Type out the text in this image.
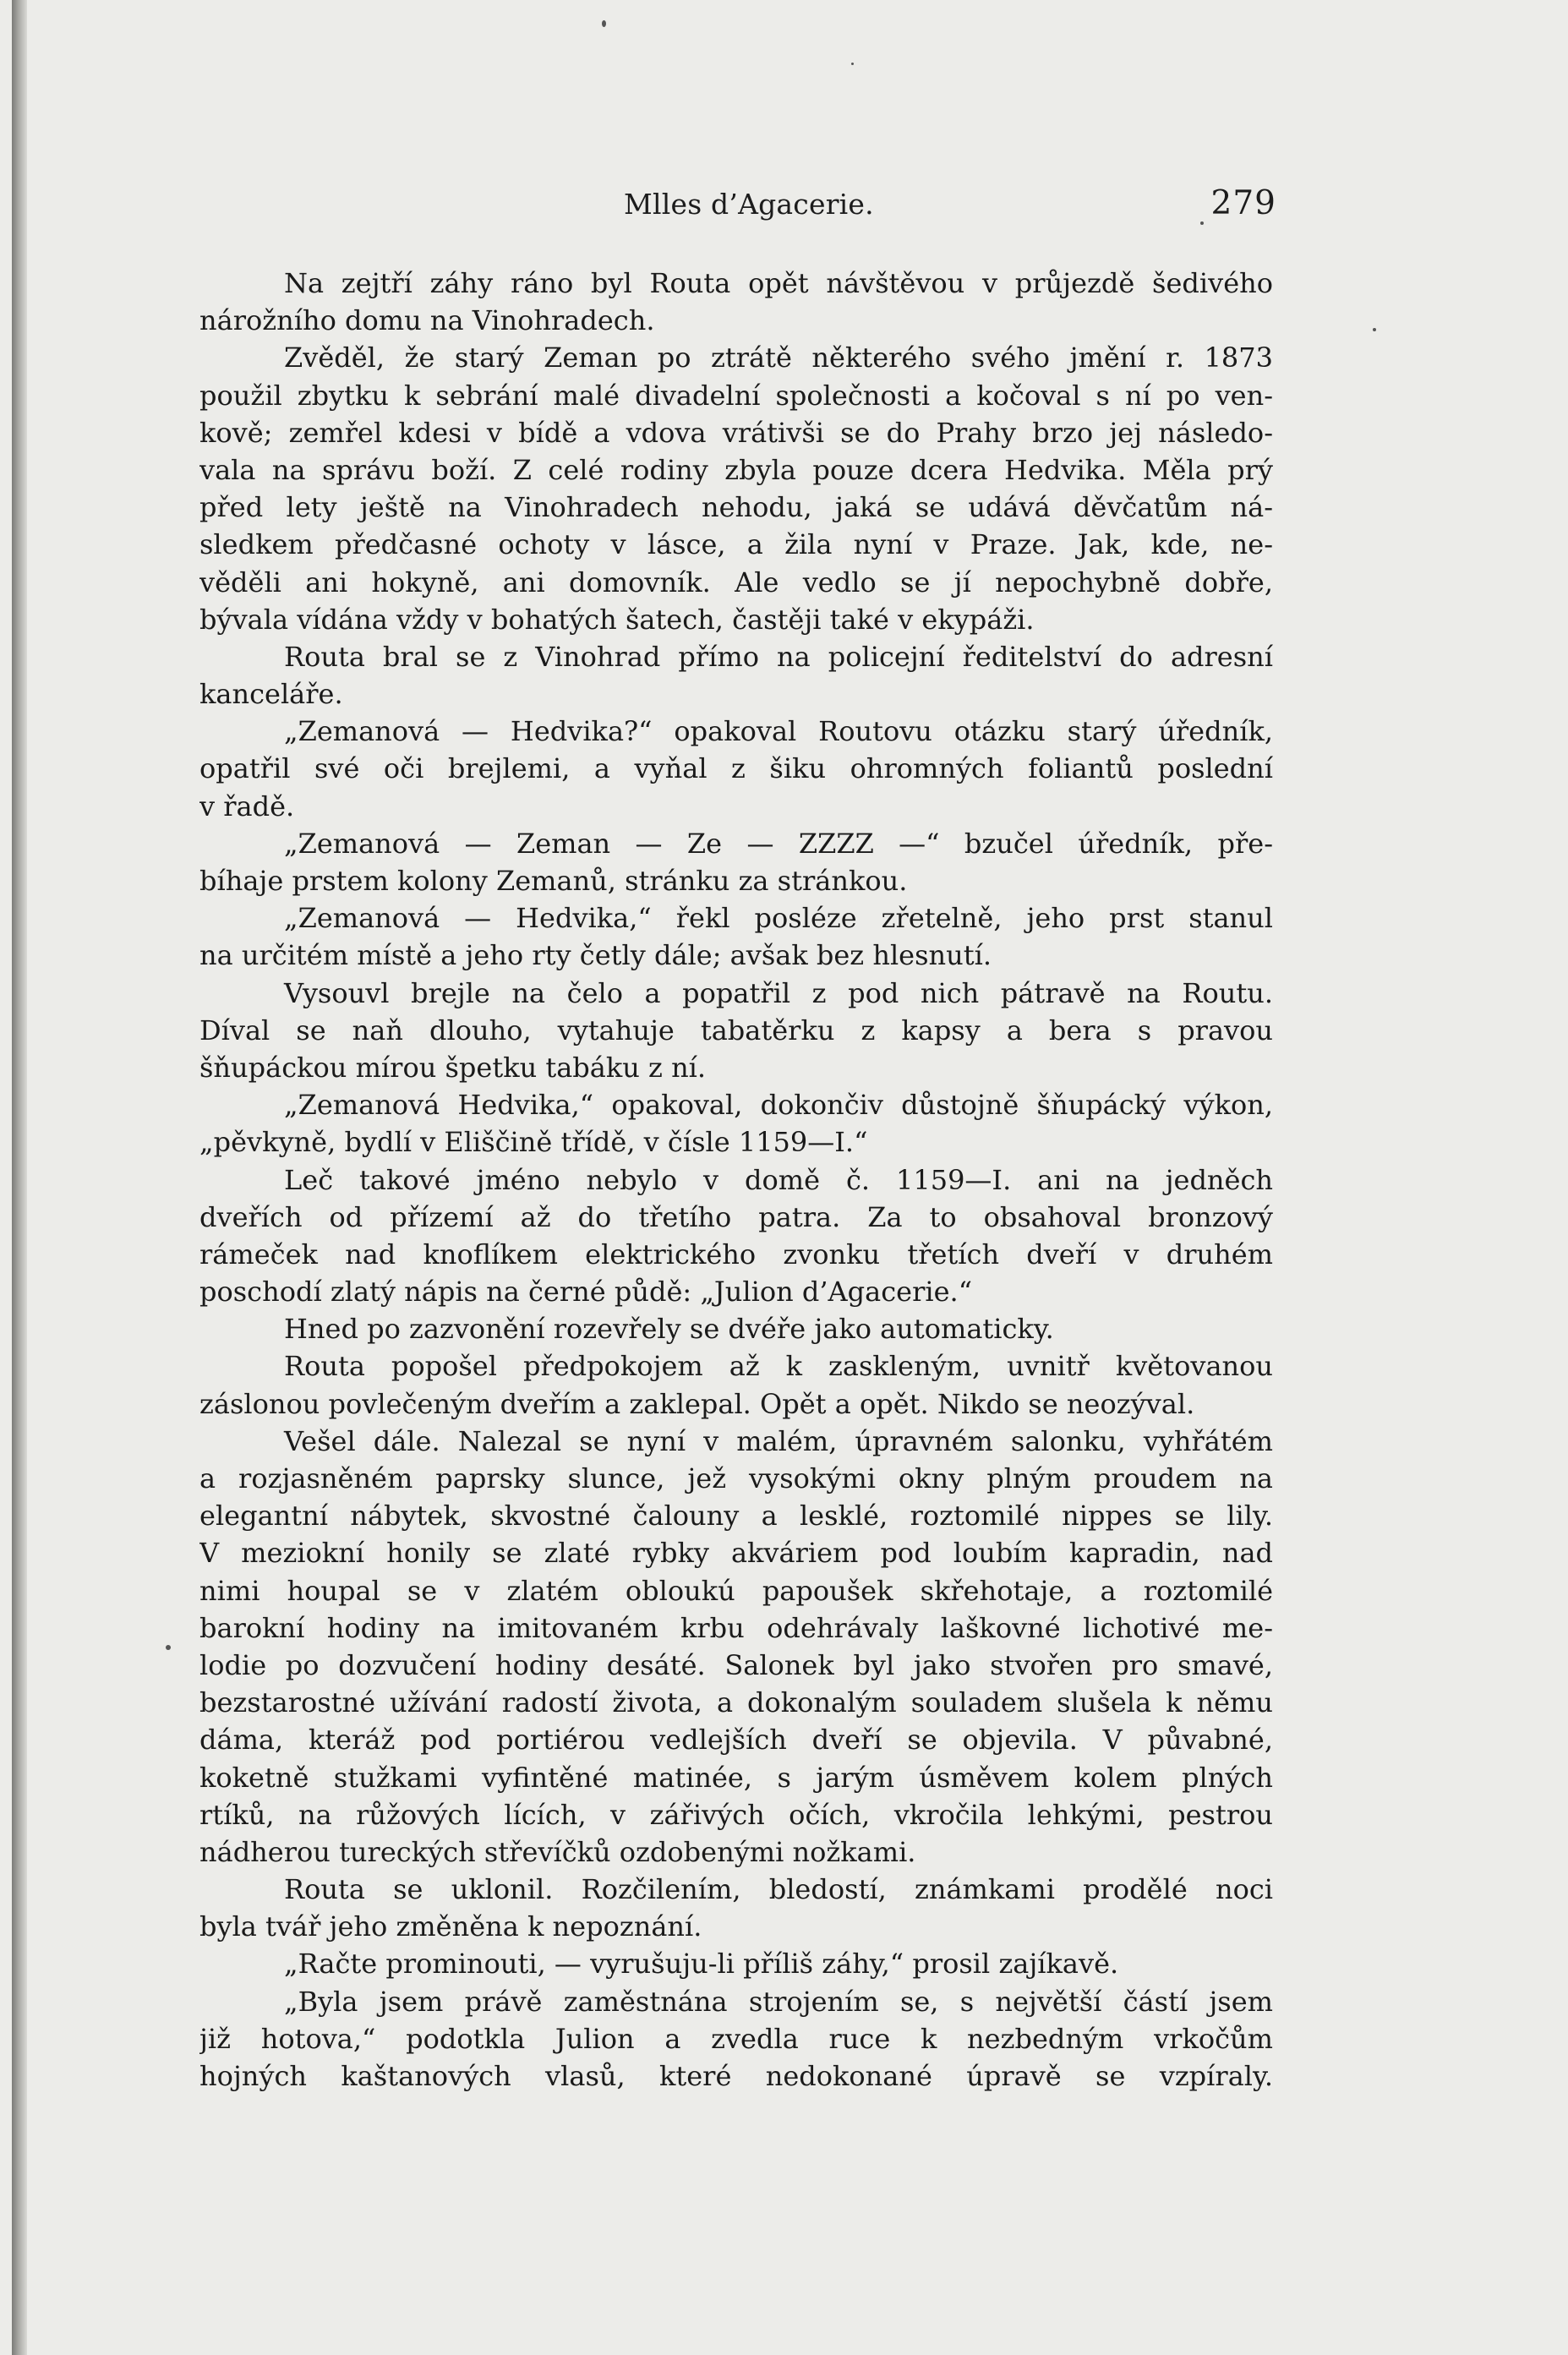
Mlles d’Agacerie.	279
Na zejtří záhy ráno byl Routa opět návštěvou v průjezdě šedivého
nárožního domu na Vinohradech.
Zvěděl, že starý Zeman po ztrátě některého svého jmění r. 1873
použil zbytku k sebrání malé divadelní společnosti a kočoval s ní po ven-
kově; zemřel kdesi v bídě a vdova vrátivši se do Prahy brzo jej následo-
vala na správu boží. Z celé rodiny zbyla pouze dcera Hedvika. Měla prý
před lety ještě na Vinohradech nehodu, jaká se udává děvčatům ná-
sledkem předčasné ochoty v lásce, a žila nyní v Praze. Jak, kde, ne-
věděli ani hokyně, ani domovník. Ale vedlo se jí nepochybně dobře,
bývala vídána vždy v bohatých šatech, častěji také v ekypáži.
Routa bral se z Vinohrad přímo na policejní ředitelství do adresní
kanceláře.
„Zemanová — Hedvika?“ opakoval Routovu otázku starý úředník,
opatřil své oči brejlemi, a vyňal z šiku ohromných foliantů poslední
v řadě.
„Zemanová — Zeman — Ze — ZZZZ —“ bzučel úředník, pře-
bíhaje prstem kolony Zemanů, stránku za stránkou.
„Zemanová — Hedvika,“ řekl posléze zřetelně, jeho prst stanul
na určitém místě a jeho rty četly dále; avšak bez hlesnutí.
Vysouvl brejle na čelo a popatřil z pod nich pátravě na Routu.
Díval se naň dlouho, vytahuje tabatěrku z kapsy a bera s pravou
šňupáckou mírou špetku tabáku z ní.
„Zemanová Hedvika,“ opakoval, dokončiv důstojně šňupácký výkon,
„pěvkyně, bydlí v Eliščině třídě, v čísle 1159—I.“
Leč takové jméno nebylo v domě č. 1159—I. ani na jedněch
dveřích od přízemí až do třetího patra. Za to obsahoval bronzový
rámeček nad knoflíkem elektrického zvonku třetích dveří v druhém
poschodí zlatý nápis na černé půdě: „Julion d’Agacerie.“
Hned po zazvonění rozevřely se dvéře jako automaticky.
Routa popošel předpokojem až k zaskleným, uvnitř květovanou
záslonou povlečeným dveřím a zaklepal. Opět a opět. Nikdo se neozýval.
Vešel dále. Nalezal se nyní v malém, úpravném salonku, vyhřátém
a rozjasněném paprsky slunce, jež vysokými okny plným proudem na
elegantní nábytek, skvostné čalouny a lesklé, roztomilé nippes se lily.
V mezioknı́ honily se zlaté rybky akváriem pod loubím kapradin, nad
nimi houpal se v zlatém obloukú papoušek skřehotaje, a roztomilé
barokní hodiny na imitovaném krbu odehrávaly laškovné lichotivé me-
lodie po dozvučení hodiny desáté. Salonek byl jako stvořen pro smavé,
bezstarostné užívání radostí života, a dokonalým souladem slušela k němu
dáma, kteráž pod portiérou vedlejších dveří se objevila. V půvabné,
koketně stužkami vyfintěné matinée, s jarým úsměvem kolem plných
rtíků, na růžových lících, v zářivých očích, vkročila lehkými, pestrou
nádherou tureckých střevíčků ozdobenými nožkami.
Routa se uklonil. Rozčilením, bledostí, známkami prodělé noci
byla tvář jeho změněna k nepoznání.
„Račte prominouti, — vyrušuju-li příliš záhy,“ prosil zajíkavě.
„Byla jsem právě zaměstnána strojením se, s největší částí jsem
již hotova,“ podotkla Julion a zvedla ruce k nezbedným vrkočům
hojných kaštanových vlasů, které nedokonané úpravě se vzpíraly.
